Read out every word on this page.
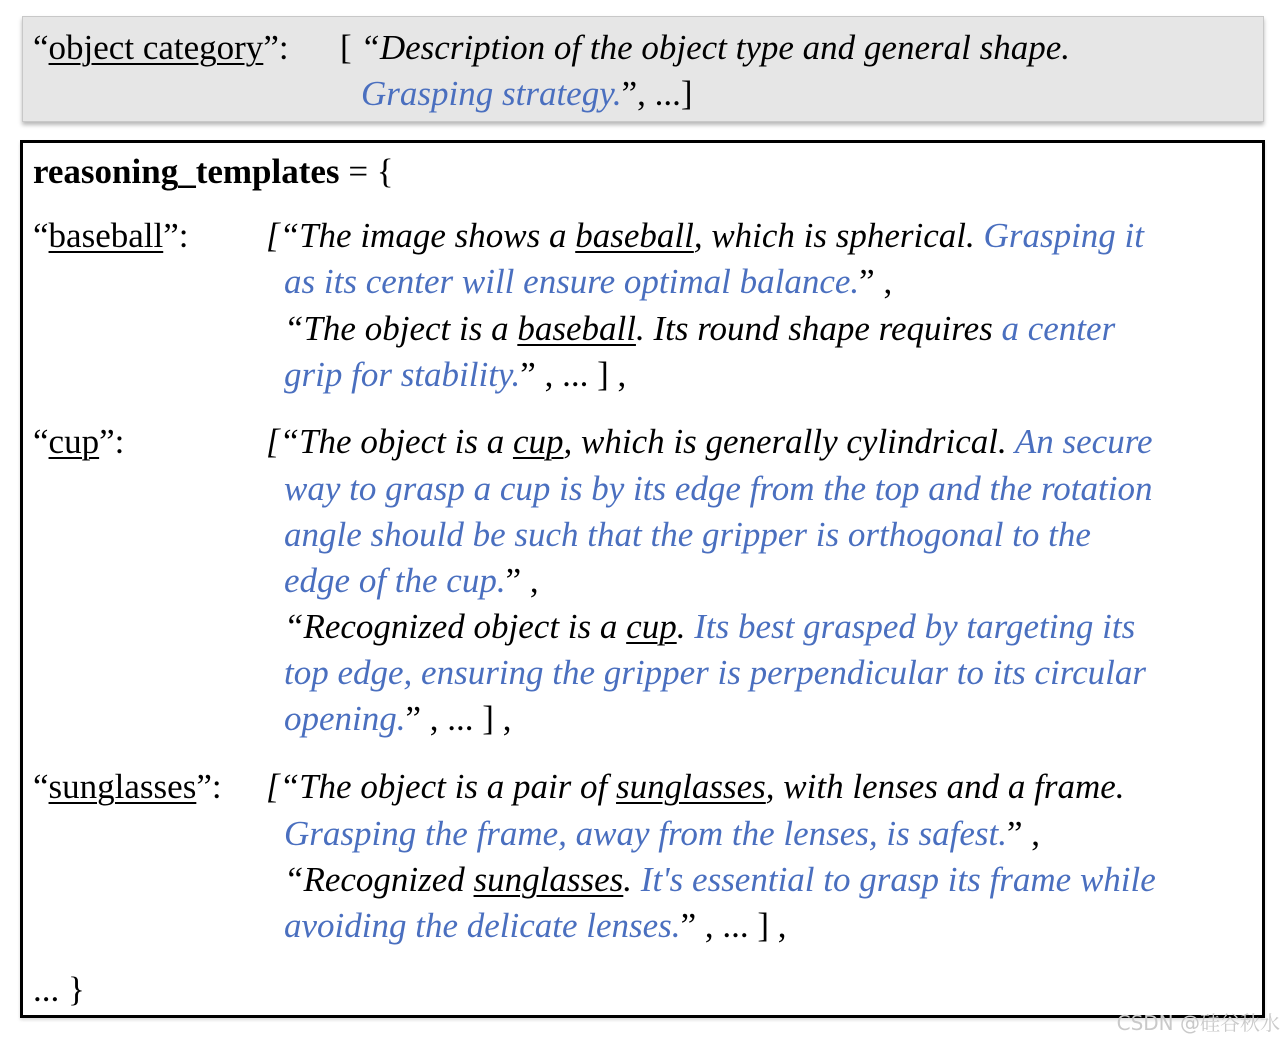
“object category”: [ “Description of the object type and general shape.
Grasping strategy.”, ...]
reasoning_templates = {
“baseball”: [“The image shows a baseball, which is spherical. Grasping it
as its center will ensure optimal balance.” ,
“The object is a baseball. Its round shape requires a center
grip for stability.” , ... ] ,
“cup”:	[“The object is a cup, which is generally cylindrical. An secure
way to grasp a cup is by its edge from the top and the rotation
angle should be such that the gripper is orthogonal to the
edge of the cup.” ,
“Recognized object is a cup. Its best grasped by targeting its
top edge, ensuring the gripper is perpendicular to its circular
opening.” , ... ] ,
“sunglasses”: [“The object is a pair of sunglasses, with lenses and a frame.
Grasping the frame, away from the lenses, is safest.” ,
“Recognized sunglasses. It's essential to grasp its frame while
avoiding the delicate lenses.” , ... ] ,
... }
CSDN @硅谷秋水
